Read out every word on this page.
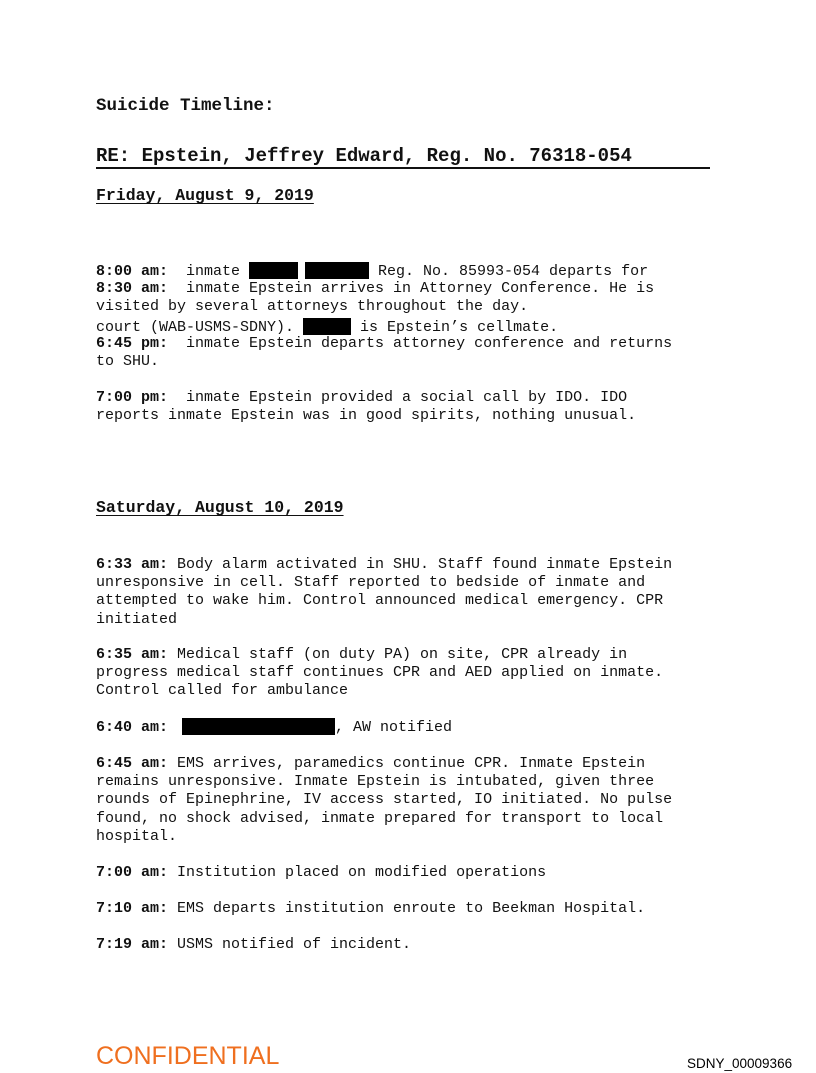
Suicide Timeline:
RE: Epstein, Jeffrey Edward, Reg. No. 76318-054
Friday, August 9, 2019

8:00 am:  inmate	Reg. No. 85993-054 departs for

court (WAB-USMS-SDNY).	is Epstein’s cellmate.

8:30 am:  inmate Epstein arrives in Attorney Conference. He is
visited by several attorneys throughout the day.
6:45 pm:  inmate Epstein departs attorney conference and returns
to SHU.
7:00 pm:  inmate Epstein provided a social call by IDO. IDO
reports inmate Epstein was in good spirits, nothing unusual.
Saturday, August 10, 2019
6:33 am: Body alarm activated in SHU. Staff found inmate Epstein
unresponsive in cell. Staff reported to bedside of inmate and
attempted to wake him. Control announced medical emergency. CPR
initiated
6:35 am: Medical staff (on duty PA) on site, CPR already in
progress medical staff continues CPR and AED applied on inmate.
Control called for ambulance
6:40 am:	, AW notified
6:45 am: EMS arrives, paramedics continue CPR. Inmate Epstein
remains unresponsive. Inmate Epstein is intubated, given three
rounds of Epinephrine, IV access started, IO initiated. No pulse
found, no shock advised, inmate prepared for transport to local
hospital.
7:00 am: Institution placed on modified operations
7:10 am: EMS departs institution enroute to Beekman Hospital.
7:19 am: USMS notified of incident.
CONFIDENTIAL	SDNY_00009366
